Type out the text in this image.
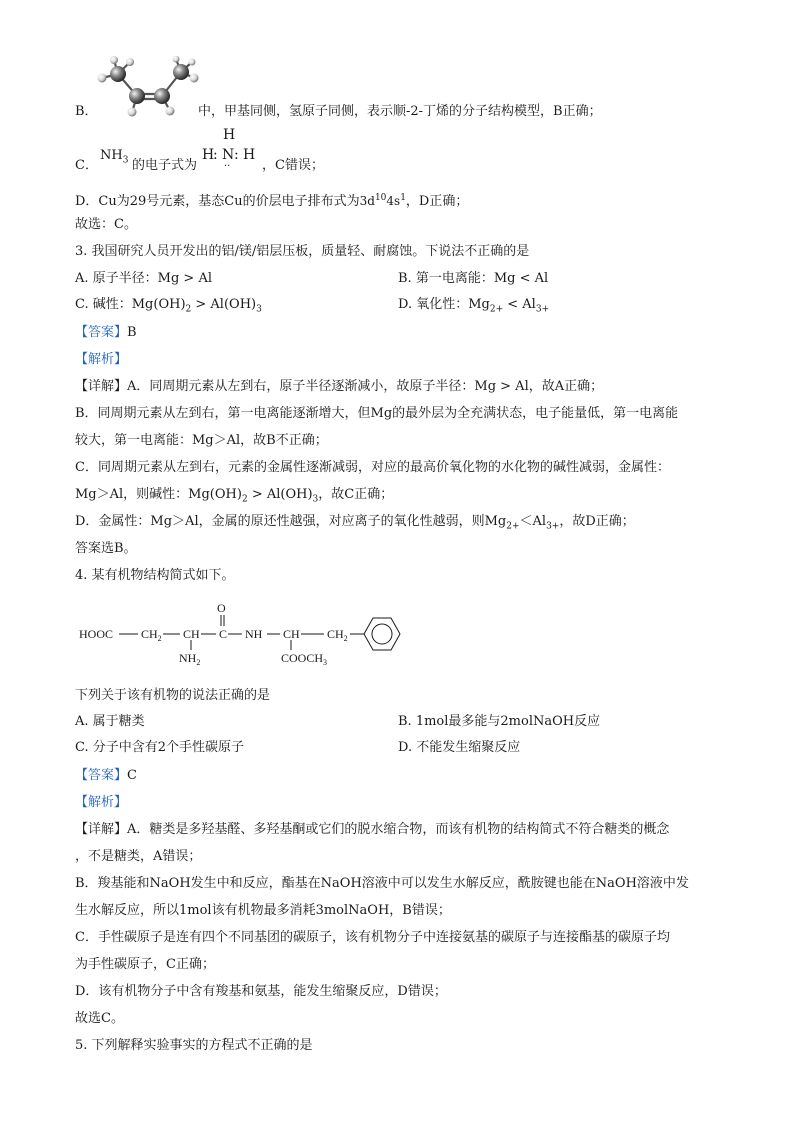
B．	中，甲基同侧，氢原子同侧，表示顺-2-丁烯的分子结构模型，B正确；
C．
$NH_3$ 的电子式为
H
H
: N : H
·· ，C错误；
D．Cu为29号元素，基态Cu的价层电子排布式为$3d^{10}4s^1$，D正确；
故选：C。
3. 我国研究人员开发出的铝/镁/铝层压板，质量轻、耐腐蚀。下说法不正确的是
A. 原子半径：Mg > Al	B. 第一电离能：Mg < Al
C. 碱性：$Mg(OH)_2 > Al(OH)_3$	D. 氧化性：$Mg_{2+} < Al_{3+}$
【答案】B
【解析】
【详解】A．同周期元素从左到右，原子半径逐渐减小，故原子半径：Mg > Al，故A正确；
B．同周期元素从左到右，第一电离能逐渐增大，但Mg的最外层为全充满状态，电子能量低，第一电离能
较大，第一电离能：Mg＞Al，故B不正确；
C．同周期元素从左到右，元素的金属性逐渐减弱，对应的最高价氧化物的水化物的碱性减弱，金属性：
Mg＞Al，则碱性：$Mg(OH)_2 > Al(OH)_3$，故C正确；
D．金属性：Mg＞Al，金属的原还性越强，对应离子的氧化性越弱，则$Mg_{2+}<Al_{3+}$，故D正确；
答案选B。
4. 某有机物结构简式如下。
HOOC $CH_2$ CH C
O
NH CH $CH_2$
$NH_2$	$COOCH_3$
下列关于该有机物的说法正确的是
A. 属于糖类	B. 1mol最多能与2molNaOH反应
C. 分子中含有2个手性碳原子	D. 不能发生缩聚反应
【答案】C
【解析】
【详解】A．糖类是多羟基醛、多羟基酮或它们的脱水缩合物，而该有机物的结构简式不符合糖类的概念
，不是糖类，A错误；
B．羧基能和NaOH发生中和反应，酯基在NaOH溶液中可以发生水解反应，酰胺键也能在NaOH溶液中发
生水解反应，所以1mol该有机物最多消耗3molNaOH，B错误；
C．手性碳原子是连有四个不同基团的碳原子，该有机物分子中连接氨基的碳原子与连接酯基的碳原子均
为手性碳原子，C正确；
D．该有机物分子中含有羧基和氨基，能发生缩聚反应，D错误；
故选C。
5. 下列解释实验事实的方程式不正确的是
